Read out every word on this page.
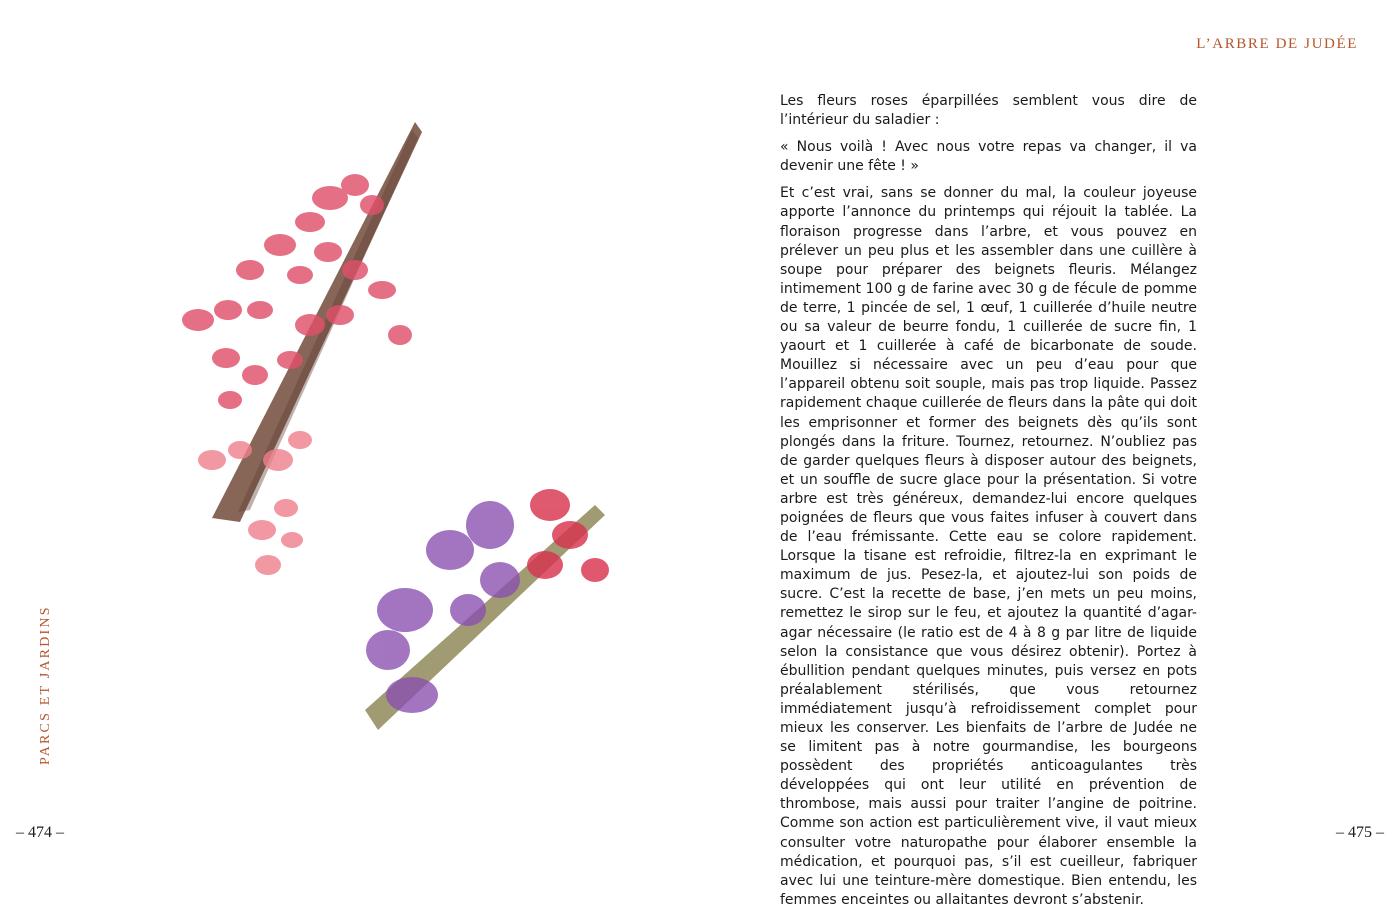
L’ARBRE DE JUDÉE
PARCS ET JARDINS

Les fleurs roses éparpillées semblent vous dire de l’intérieur du saladier :

« Nous voilà ! Avec nous votre repas va changer, il va devenir une fête ! »

Et c’est vrai, sans se donner du mal, la couleur joyeuse apporte l’annonce du printemps qui réjouit la tablée. La floraison progresse dans l’arbre, et vous pouvez en prélever un peu plus et les assembler dans une cuillère à soupe pour préparer des beignets fleuris. Mélangez intimement 100 g de farine avec 30 g de fécule de pomme de terre, 1 pincée de sel, 1 œuf, 1 cuillerée d’huile neutre ou sa valeur de beurre fondu, 1 cuillerée de sucre fin, 1 yaourt et 1 cuillerée à café de bicarbonate de soude. Mouillez si nécessaire avec un peu d’eau pour que l’appareil obtenu soit souple, mais pas trop liquide. Passez rapidement chaque cuillerée de fleurs dans la pâte qui doit les emprisonner et former des beignets dès qu’ils sont plongés dans la friture. Tournez, retournez. N’oubliez pas de garder quelques fleurs à disposer autour des beignets, et un souffle de sucre glace pour la présentation. Si votre arbre est très généreux, demandez-lui encore quelques poignées de fleurs que vous faites infuser à couvert dans de l’eau frémissante. Cette eau se colore rapidement. Lorsque la tisane est refroidie, filtrez-la en exprimant le maximum de jus. Pesez-la, et ajoutez-lui son poids de sucre. C’est la recette de base, j’en mets un peu moins, remettez le sirop sur le feu, et ajoutez la quantité d’agar-agar nécessaire (le ratio est de 4 à 8 g par litre de liquide selon la consistance que vous désirez obtenir). Portez à ébullition pendant quelques minutes, puis versez en pots préalablement stérilisés, que vous retournez immédiatement jusqu’à refroidissement complet pour mieux les conserver. Les bienfaits de l’arbre de Judée ne se limitent pas à notre gourmandise, les bourgeons possèdent des propriétés anticoagulantes très développées qui ont leur utilité en prévention de thrombose, mais aussi pour traiter l’angine de poitrine. Comme son action est particulièrement vive, il vaut mieux consulter votre naturopathe pour élaborer ensemble la médication, et pourquoi pas, s’il est cueilleur, fabriquer avec lui une teinture-mère domestique. Bien entendu, les femmes enceintes ou allaitantes devront s’abstenir.

– 474 –	– 475 –
